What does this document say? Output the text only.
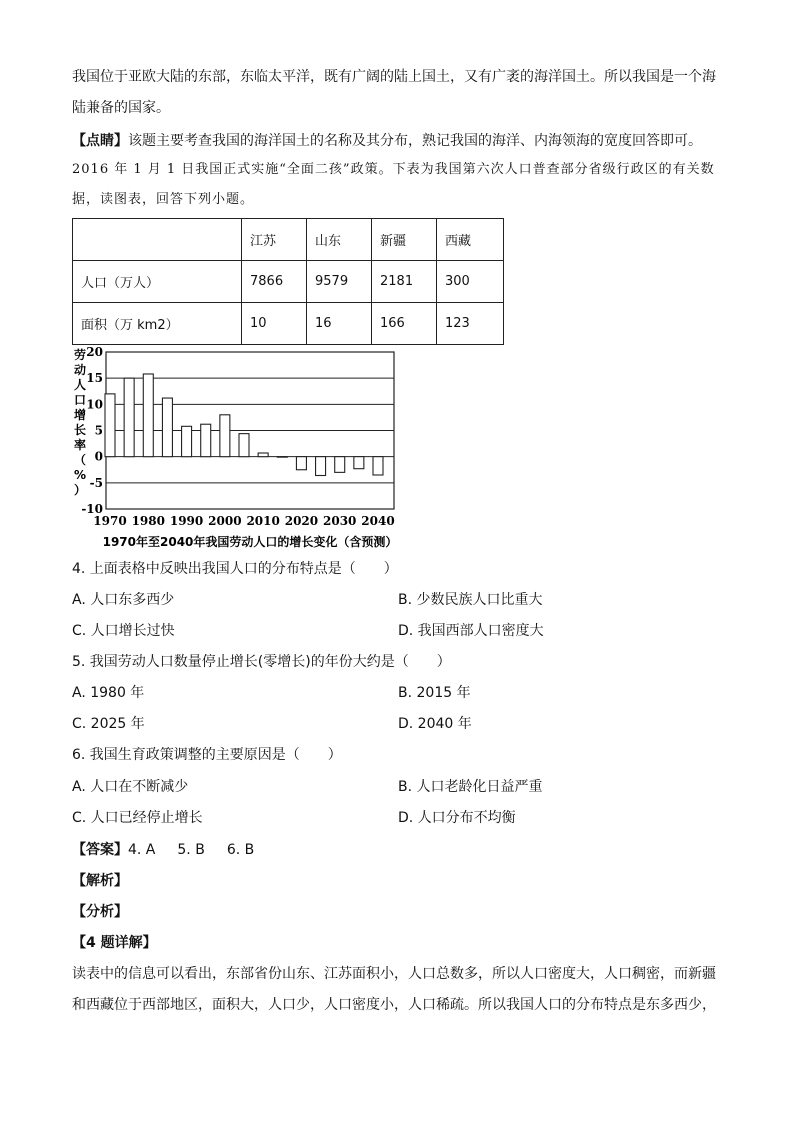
我国位于亚欧大陆的东部，东临太平洋，既有广阔的陆上国土，又有广袤的海洋国土。所以我国是一个海陆兼备的国家。
【点睛】该题主要考查我国的海洋国土的名称及其分布，熟记我国的海洋、内海领海的宽度回答即可。
2016 年 1 月 1 日我国正式实施“全面二孩”政策。下表为我国第六次人口普查部分省级行政区的有关数
据，读图表，回答下列小题。
	江苏	山东	新疆	西藏
人口（万人）	7866	9579	2181	300
面积（万 km2）	10	16	166	123
20
15
10
5
0
-5
-10
1970 1980 1990 2000 2010 2020 2030 2040
劳
动
人
口
增
长
率
（
%
）
1970年至2040年我国劳动人口的增长变化（含预测）
4. 上面表格中反映出我国人口的分布特点是（　　）
A. 人口东多西少	B. 少数民族人口比重大
C. 人口增长过快	D. 我国西部人口密度大
5. 我国劳动人口数量停止增长(零增长)的年份大约是（　　）
A. 1980 年	B. 2015 年
C. 2025 年	D. 2040 年
6. 我国生育政策调整的主要原因是（　　）
A. 人口在不断减少	B. 人口老龄化日益严重
C. 人口已经停止增长	D. 人口分布不均衡
【答案】4. A 5. B 6. B
【解析】
【分析】
【4 题详解】
读表中的信息可以看出，东部省份山东、江苏面积小，人口总数多，所以人口密度大，人口稠密，而新疆和西藏位于西部地区，面积大，人口少，人口密度小，人口稀疏。所以我国人口的分布特点是东多西少，
